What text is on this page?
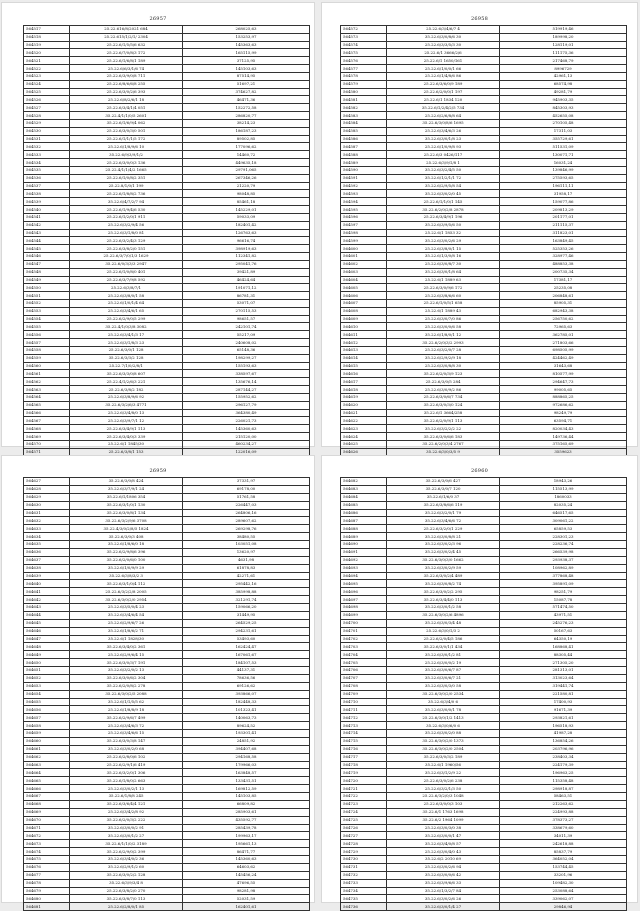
26957
564517	25.22.616/8/2021 684	268025,63
564518	25.22.615/1/2/1/ 2304	153253,97
564519	25.22.6/1/5/5/6 632	145363,63
564520	25.22.6/7/0/8/3 172	165115,99
564521	25.22.6/1/6/8/1 189	37125,95
564522	25.22.6/6/3/1/6 74	145103,63
564523	25.22.6/3/9/0/8 711	87514,95
564524	25.22.6/8/6/6/8 255	51697,21
564525	25.22.6/3/0/2/6 393	374627,82
564526	25.22.6/8/2/6/1 18	46471,36
564527	25.22.6/3/4/1/4 051	152272,58
564528	35.22.4/1/1/0/5 2601	286820,77
564529	35.22.6/1/6/9/4 062	38214,23
564530	25.22.6/3/0/3/0 501	186187,23
564531	25.22.6/1/1/1/5 172	89502,85
564532	25.22.6/1/8/9/6 10	177096,62
564533	35.22.6/9/3/9/1/2	14460,72
564534	25.22.6/3/0/0/3 136	449635,18
564535	25.22.4/1/1/4/2 1665	29791,065
564536	25.22.6/1/0/8/2 351	267346,26
564537	25.22.8/1/0/1 199	21220,79
564538	25.22.6/1/8/8/2 736	98048,85
564539	35.22.6/4/7/2/7 94	85461,18
564540	25.22.6/1/9/4/6 530	145229,01
564541	25.22.6/1/2/0/1 911	59033,09
564542	25.22.6/3/2/9/4 56	182401,42
564543	25.22.6/3/1/8/0 81	126763,63
564544	25.22.6/3/2/4/3 129	96616,74
564545	25.22.6/3/8/2/0 151	398919,63
564546	25.22.6/3/7/0/1/3 1629	112341,82
564547	35.22.6/0/3/3/3 2947	295041,76
564548	25.22.6/1/0/8/0 401	39421,89
564549	25.22.6/3/7/9/8 592	46424,64
564550	25.22.6/3/8/7/1	191071,12
564551	25.22.6/3/8/0/1 58	86781,31
564552	25.22.6/1/0/1/4 64	53071,07
564553	25.22.6/3/4/6/1 65	270115,53
564554	25.22.6/2/9/0/5 299	98651,57
564555	35.22.4/1/0/3/8 3082	242101,74
564556	25.22.6/3/4/1/3 17	55217,09
564557	25.22.6/3/1/8/3 23	240608,02
564558	25.22.6/3/0/1 128	65148,36
564559	35.22.6/3/3/2 128	198299,27
564560	25.22.7/1/0/2/8/1	155193,63
564561	35.22.6/3/3/0/8 607	338597,67
564562	25.22.4/1/2/6/3 221	135676,14
564563	25.22.6/3/8/2 182	287144,27
564564	25.22.6/3/8/9/6 92	155952,62
564565	35.22.6/3/2/6/3 4771	296127,79
564566	25.22.6/3/4/8/0 13	364380,49
564567	25.22.6/3/9/7/1 12	226021,73
564568	25.22.6/3/4/9/1 113	145360,63
564569	25.22.6/3/4/0/3 339	215120,00
564570	25.22.6/1 1845/30	460234,27
564571	25.22.6/3/8/1 153	122016,09
26958
564572	25.22.6/3/4/6/7 4	519919,46
564573	35.22.6/3/0/8/6 30	189998,20
564574	25.22.6/3/3/5/3 30	128119,01
564575	25.22.6/1 3666/2/6	111175,36
564576	25.22.6/1 1650/161	217468,79
564577	25.22.6/1/0/0/1 66	8996729
564578	25.22.6/1/4/8/6 86	42961,13
564579	25.22.6/3/6/0/9 189	68574,98
564580	25.22.6/2/0/0/1 197	49281,79
564581	25.22.6/1 1834 120	945903,35
564582	35.22.6/1/2/4/2/5 734	845303,93
564583	25.22.6/2/6/8/8 64	452655,08
564584	35.22.6/3/0/8/6 1695	270105,48
564585	25.22.6/3/4/6/3 26	17311,03
564586	35.22.6/3/0/1/8 23	355729,61
564587	25.22.6/1/0/9/8 93	511531,09
564588	25.22.6/3 0426/117	130071,71
564589	25.22.6/3/9/1/8 1	16031,24
564590	35.22.6/3/2/4/5 50	139846,99
564591	35.22.6/1/2/1/1 72	275593,65
564592	35.22.6/2/9/5/8 54	196111,11
564593	35.22.6/3/0/2/0 45	31958,17
564594	25.22.6/1/1/0/1 145	159077,86
564595	35.22.6/2/0/2/8 2878	209813,29
564596	25.22.6/3/4/9/1 196	201177,01
564597	35.22.6/3/9/5/6 50	211115,37
564598	25.22.6/1 1853 32	311823,01
564599	35.22.6/3/0/2/6 29	163849,45
564600	25.22.6/3/8/0/1 15	525353,26
564601	35.22.6/1/3/0/8 16	328977,46
564602	25.22.6/3/0/8/7 30	488853,38
564603	35.22.6/3/0/1/8 64	200735,34
564604	25.22.6/1 1889 63	17381,17
564605	25.22.6/3/0/9/6 172	25235,08
564606	25.22.6/3/8/6/6 60	206848,61
564607	25.22.6/1/0/5/1 658	85905,31
564608	25.22.6/1 1889 43	682943,38
564609	25.22.6/3/0/7/0 86	256750,62
564610	25.22.6/3/0/0/6 58	72965,63
564611	35.22.6/1/8/0/1 12	362785,01
564612	35.22.6/2/0/3/2 2993	271803,66
564613	25.22.6/3/2/0/7 28	698505,99
564614	35.22.6/2/9/2/9 18	424462,49
564615	25.22.6/3/0/8/8 30	31643,68
564616	35.22.6/2/0/3/9 123	810577,99
564617	25.22.6/3/0/5 284	294647,73
564618	25.22.6/3/0/9/2 86	99005,65
564619	25.22.6/3/0/6/7 734	888865,25
564620	35.22.6/3/0/3/0 124	972686,62
564621	35.22.6/1 3664/258	98249,79
564622	35.22.6/2/0/9/1 113	63594,71
564623	35.22.6/3/2/2/2 22	820034,43
564624	35.22.6/3/0/6/6 183	149736,44
564625	35.22.6/2/0/3/4 2767	375165,69
564626	35.22.6/3/0/3/5 9	3559623
26959
564627	35.22.6/3/0/8 424	37331,97
564628	35.22.6/3/7/9/1 24	69178,00
564629	35.22.6/1/1806 354	51761,58
564630	35.22.6/3/1/0/1 130	226447,03
564631	35.22.6/3/0/8/1 134	264806,16
564632	35.22.6/3/2/9/6 3708	289607,62
564633	35.22.4/3/0/2/8/5 1824	269298,76
564634	35.22.6/3/0/3 408	38480,55
564635	35.22.6/1/8/6/0 18	103051,08
564636	35.22.6/2/9/8/6 396	13620,97
564637	35.22.6/2/0/6/0 100	4631,98
564638	35.22.6/1/0/9/9 29	61878,83
564639	35.22.6/3/8/3/2 3	42271,61
564640	35.22.6/3/1/0/4 112	295442,16
564641	25.22.6/3/2/2/8 2005	385998,88
564642	35.22.6/3/0/2/0 2954	321291,74
564643	25.22.6/3/5/0/4 23	159066,20
564644	35.22.6/3/4/6/4 54	31449,95
564645	25.22.6/2/9/6/7 26	264529,25
564646	35.22.6/1/8/6/2 71	294231,61
564647	35.22.6/1 1828/30	53493,60
564648	35.22.6/3/4/0/2 361	162424,47
564649	25.22.6/2/9/6/4 15	167061,67
564650	35.22.6/3/0/3/7 191	184107,53
564651	35.22.6/3/2/0/2 13	44137,31
564652	35.22.6/3/0/6/2 304	78636,56
564653	35.22.6/2/0/8/2 278	69126,62
564654	35.22.6/3/0/2/5 2088	393866,07
564655	35.22.6/1/1/5/5 62	182448,33
564656	25.22.6/1/8/8/9 18	101323,41
564657	35.22.6/2/9/6/7 499	140063,73
564658	25.22.6/3/4/6/3 72	89624,52
564659	25.22.6/3/4/6/6 15	193301,41
564660	35.22.6/3/0/3/8 147	24851,92
564661	35.22.6/3/0/2/0 68	394407,68
564662	25.22.6/2/8/0/6 102	294168,58
564663	25.22.6/2/9/1/6 419	179966,03
564664	35.22.6/3/2/0/1 306	163848,57
564665	35.22.6/1/8/0/2 663	133431,51
564666	25.22.6/3/0/2/1 13	169812,59
564667	35.22.6/1/8/8 245	145103,85
564668	35.22.6/3/6/4/4 121	66809,82
564669	25.22.6/3/4/2/8 92	285903,61
564670	35.22.6/2/0/3/2 222	435592,77
564671	35.22.6/3/0/0/2 91	285439,78
564672	35.22.6/3/0/1/2 27	199963,17
564673	35.22.6/1/1/0/2 3189	195661,13
564674	35.22.6/2/9/0/2 399	86471,77
564675	35.22.6/3/4/0/2 36	145360,63
564676	35.22.6/2/9/1/2 60	64603,62
564677	35.22.6/3/0/2/2 128	145456,24
564678	35.22.6/3/9/3/4 8	47696,55
564679	25.22.6/3/8/2/0 270	98281,98
564680	35.22.6/3/8/7/0 113	52031,59
564681	25.22.6/2/8/0/1 85	162401,61
26960
564682	35.22.6/3/0/6 427	18943,26
564683	35.22.6/3/0/7 120	115513,99
564684	35.22.6/1/6/0 37	1860033
564685	35.22.6/3/8/6/6 119	82035,24
564686	35.22.6/3/2/0/1 79	646517,65
564687	35.22.6/3/4/6/6 72	309061,22
564688	25.22.6/3/2/0/1 229	65859,53
564689	35.22.6/3/0/8/8 21	228301,23
564690	35.22.6/3/0/2/3 96	228236,74
564691	35.22.6/3/0/2/4 45	266539,98
564692	35.22.6/3/0/3/0 1662	293938,37
564693	35.22.6/3/0/2/9 59	108962,89
564694	35.22.6/3/0/2/4 489	377868,48
564695	35.22.6/3/0/8/2 74	395891,09
564696	35.22.6/3/0/2/2 295	98251,79
564697	35.22.6/3/4/4/0 113	15087,78
564698	35.22.6/3/0/1/2 58	571474,50
564699	35.22.6/3/0/2/6 4896	43971,51
564700	35.22.6/3/0/3/4 48	245276,23
564701	25.22.6/3/0/1/3 2	50167,63
564702	25.22.6/2/0/4/5 186	64350,19
564703	35.22.6/3/0/1/1 434	168868,41
564704	35.22.6/3/0/1/2 81	88305,44
564705	25.22.6/3/0/0/2 19	271305,20
564706	35.22.6/3/0/6/7 87	281313,01
564707	35.22.6/3/0/6/7 21	313023,64
564708	35.22.6/3/0/3/0 58	319441,74
564709	35.22.6/3/0/2/0 2534	221580,81
564710	35.22.6/3/4/0 6	17400,93
564711	35.22.6/3/0/0/1 78	91671,39
564712	25.22.6/3/0/1/2 1413	293821,61
564713	35.22.6/3/0/6/0 6	196518,93
564714	35.22.6/3/0/2/0 88	41987,28
564715	35.22.6/3/0/2/0 1373	136854,26
564716	35.22.6/3/0/2/0 2504	203796,96
564717	35.22.6/3/0/3/2 189	238403,34
564718	35.22.6/1 1960/56	224179,39
564719	35.22.6/3/1/2/9 22	196963,25
564720	25.22.6/3/0/2/6 238	115358,48
564721	25.22.6/3/2/1/3 50	298918,87
564722	25.22.6/3/2/0/3 1048	58463,51
564723	25.22.6/3/0/0/3 103	212263,62
564724	35.22.6/1 1763 1698	224993,88
564725	35.22.6/2 1964 1099	378373,27
564726	25.22.6/3/0/3/0 38	338679,60
564727	35.22.6/3/0/0/1 47	34011,39
564728	35.22.6/3/4/0/8 57	242618,88
564729	25.22.6/3/0/4/0 43	85837,79
564730	35.22.6/2 2010 69	364052,04
564731	25.22.6/3/0/2/6 94	153744,45
564732	35.22.6/3/0/0/6 42	33201,96
564733	35.22.6/3/9/6/6 33	109482,30
564734	35.22.6/1/3/2/7 84	253088,64
564735	35.22.6/3/0/2/6 26	339062,07
564736	35.22.6/3/0/1/4 27	29846,94
